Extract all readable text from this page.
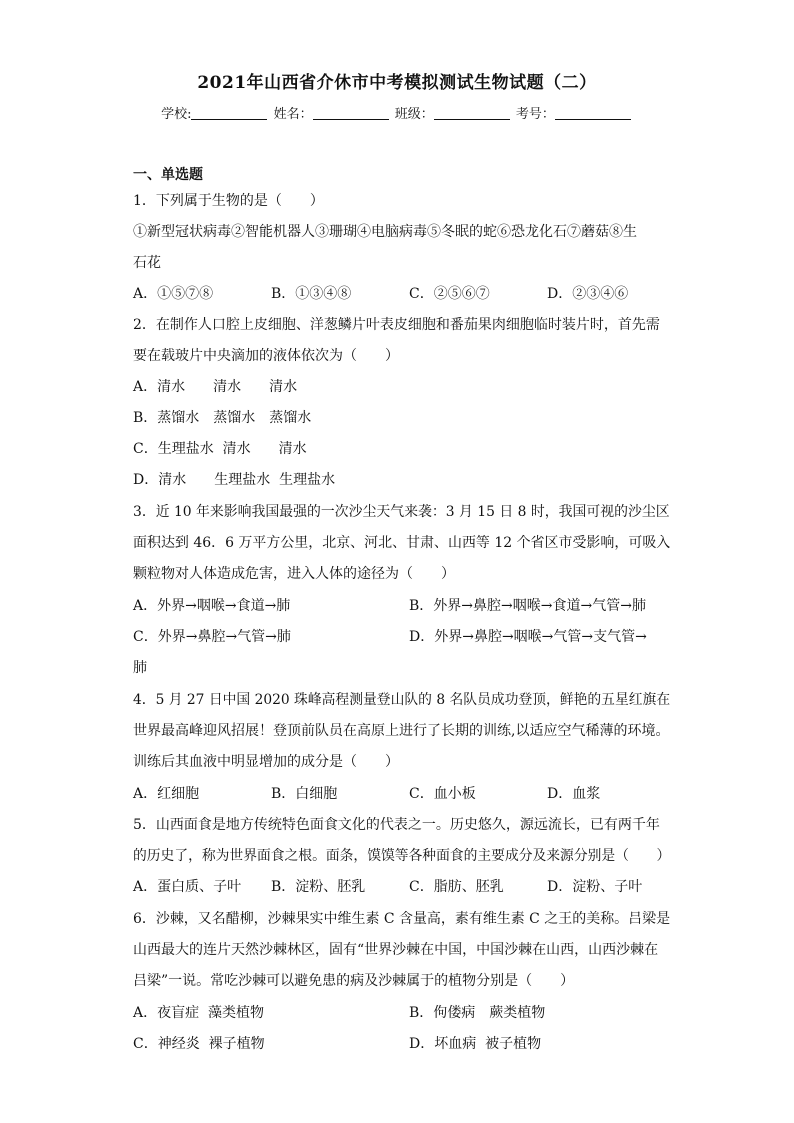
2021年山西省介休市中考模拟测试生物试题（二）
学校:	姓名：	班级：	考号：
一、单选题
1．下列属于生物的是（　　）
①新型冠状病毒②智能机器人③珊瑚④电脑病毒⑤冬眠的蛇⑥恐龙化石⑦蘑菇⑧生
石花
A．①⑤⑦⑧	B．①③④⑧	C．②⑤⑥⑦	D．②③④⑥
2．在制作人口腔上皮细胞、洋葱鳞片叶表皮细胞和番茄果肉细胞临时装片时，首先需
要在载玻片中央滴加的液体依次为（　　）
A．清水　　清水　　清水
B．蒸馏水　蒸馏水　蒸馏水
C．生理盐水  清水　　清水
D．清水　　生理盐水  生理盐水
3．近 10 年来影响我国最强的一次沙尘天气来袭：3 月 15 日 8 时，我国可视的沙尘区
面积达到 46．6 万平方公里，北京、河北、甘肃、山西等 12 个省区市受影响，可吸入
颗粒物对人体造成危害，进入人体的途径为（　　）
A．外界→咽喉→食道→肺	B．外界→鼻腔→咽喉→食道→气管→肺
C．外界→鼻腔→气管→肺	D．外界→鼻腔→咽喉→气管→支气管→
肺
4．5 月 27 日中国 2020 珠峰高程测量登山队的 8 名队员成功登顶，鲜艳的五星红旗在
世界最高峰迎风招展！登顶前队员在高原上进行了长期的训练,以适应空气稀薄的环境。
训练后其血液中明显增加的成分是（　　）
A．红细胞	B．白细胞	C．血小板	D．血浆
5．山西面食是地方传统特色面食文化的代表之一。历史悠久，源远流长，已有两千年
的历史了，称为世界面食之根。面条，馍馍等各种面食的主要成分及来源分别是（　　）
A．蛋白质、子叶 B．淀粉、胚乳	C．脂肪、胚乳	D．淀粉、子叶
6．沙棘，又名醋柳，沙棘果实中维生素 C 含量高，素有维生素 C 之王的美称。吕梁是
山西最大的连片天然沙棘林区，固有“世界沙棘在中国，中国沙棘在山西，山西沙棘在
吕梁”一说。常吃沙棘可以避免患的病及沙棘属于的植物分别是（　　）
A．夜盲症  藻类植物	B．佝偻病　蕨类植物
C．神经炎  裸子植物	D．坏血病  被子植物
